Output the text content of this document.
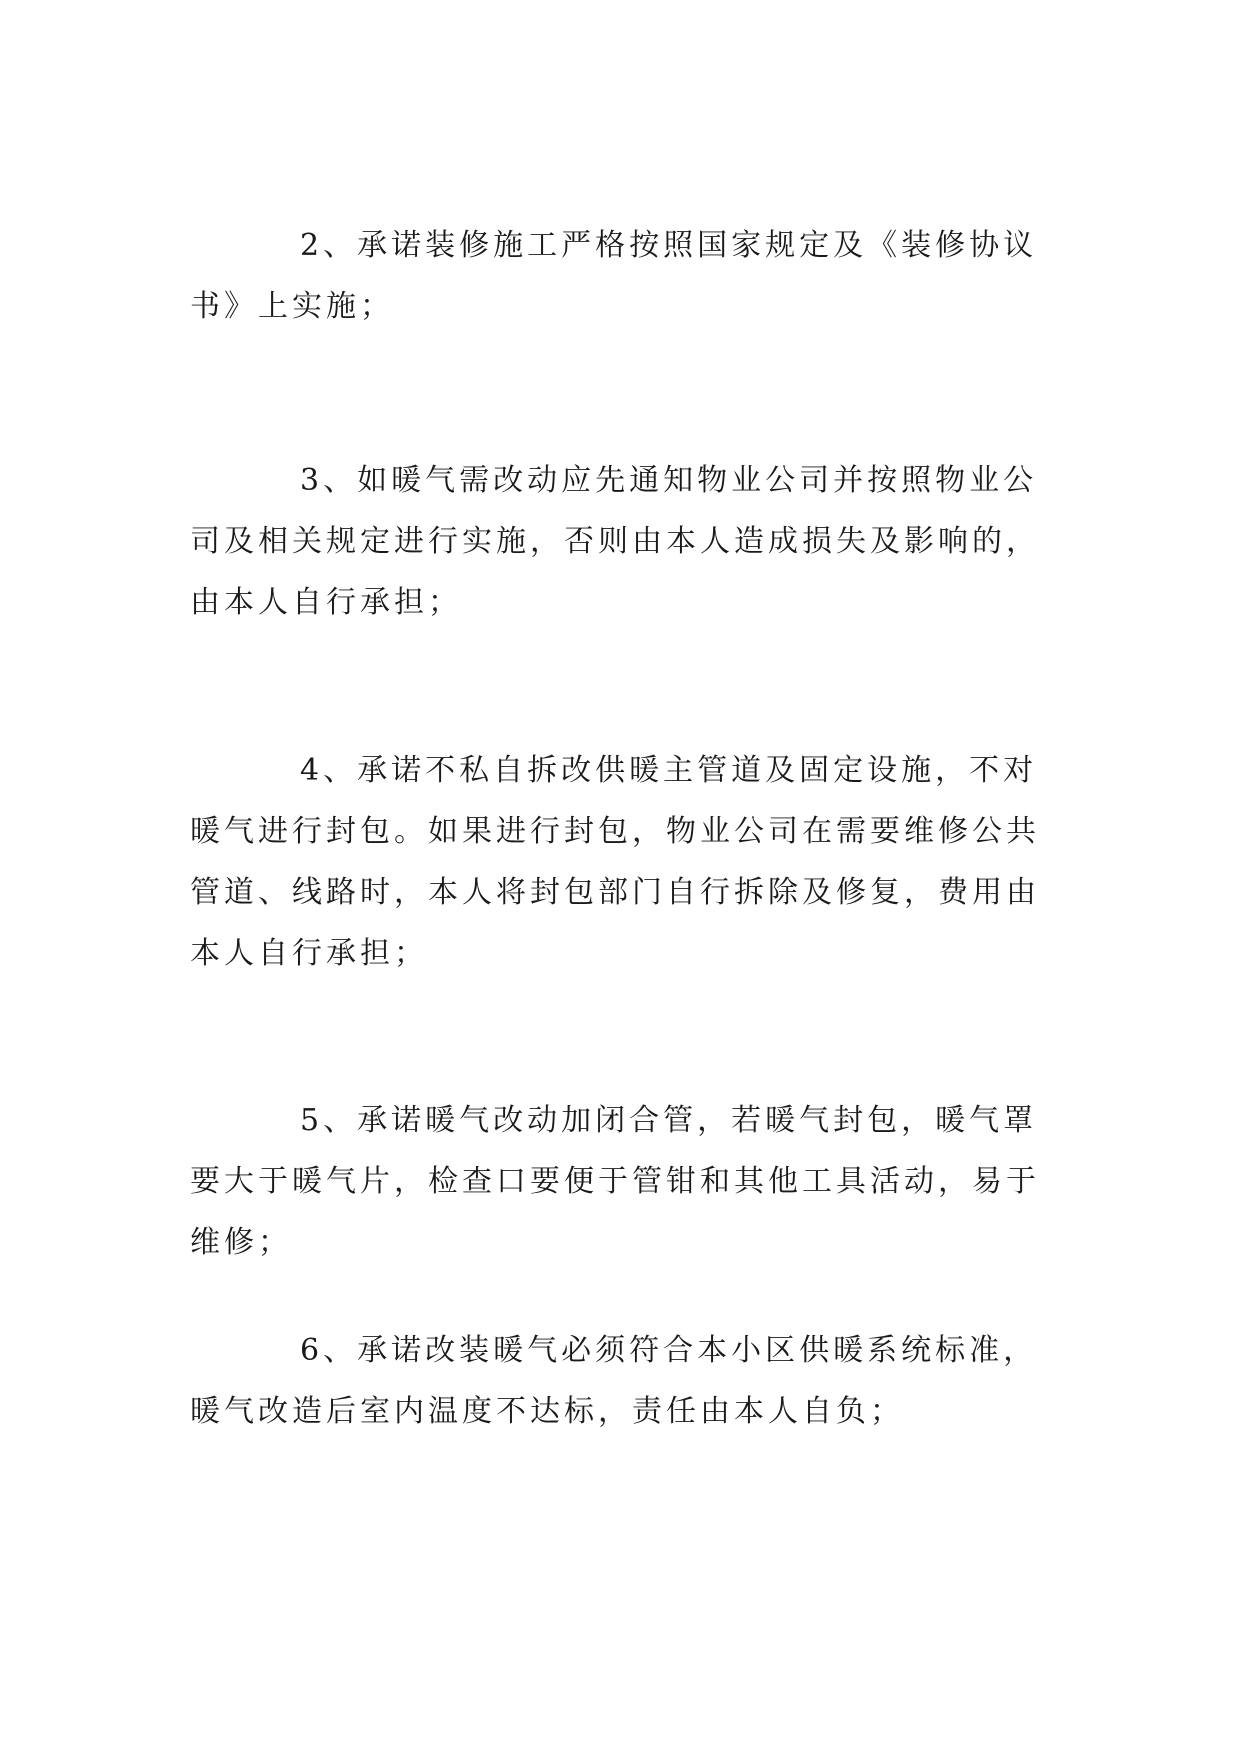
2、承诺装修施工严格按照国家规定及《装修协议书》上实施；

3、如暖气需改动应先通知物业公司并按照物业公司及相关规定进行实施，否则由本人造成损失及影响的，由本人自行承担；

4、承诺不私自拆改供暖主管道及固定设施，不对暖气进行封包。如果进行封包，物业公司在需要维修公共管道、线路时，本人将封包部门自行拆除及修复，费用由本人自行承担；

5、承诺暖气改动加闭合管，若暖气封包，暖气罩要大于暖气片，检查口要便于管钳和其他工具活动，易于维修；

6、承诺改装暖气必须符合本小区供暖系统标准，暖气改造后室内温度不达标，责任由本人自负；
